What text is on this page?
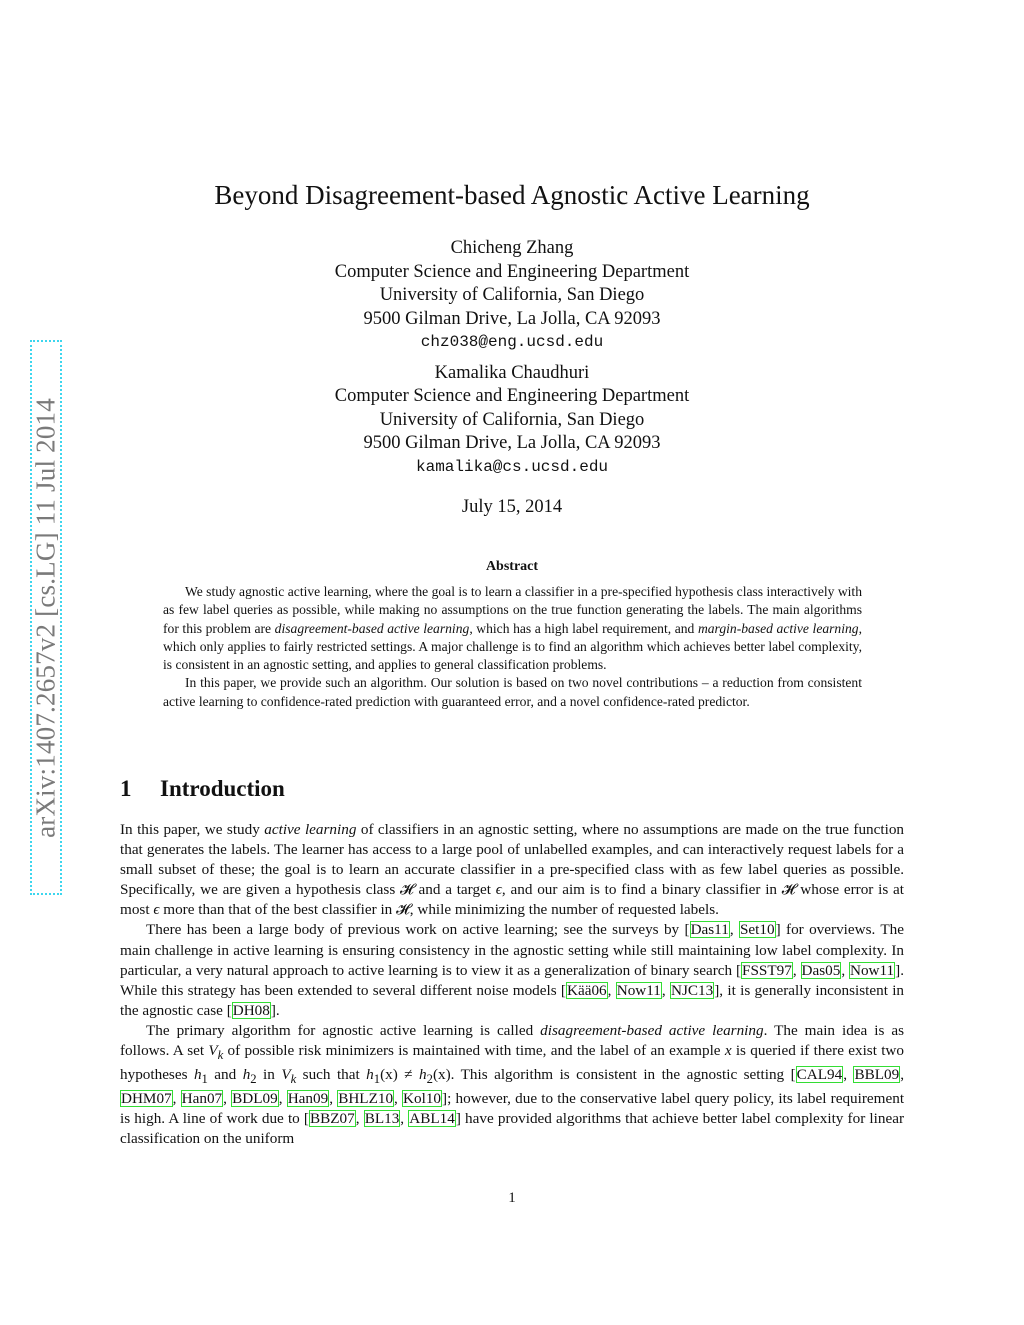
arXiv:1407.2657v2 [cs.LG] 11 Jul 2014
Beyond Disagreement-based Agnostic Active Learning
Chicheng Zhang
Computer Science and Engineering Department
University of California, San Diego
9500 Gilman Drive, La Jolla, CA 92093
chz038@eng.ucsd.edu
Kamalika Chaudhuri
Computer Science and Engineering Department
University of California, San Diego
9500 Gilman Drive, La Jolla, CA 92093
kamalika@cs.ucsd.edu
July 15, 2014
Abstract

We study agnostic active learning, where the goal is to learn a classifier in a pre-specified hypothesis class interactively with as few label queries as possible, while making no assumptions on the true function generating the labels. The main algorithms for this problem are disagreement-based active learning, which has a high label requirement, and margin-based active learning, which only applies to fairly restricted settings. A major challenge is to find an algorithm which achieves better label complexity, is consistent in an agnostic setting, and applies to general classification problems.

In this paper, we provide such an algorithm. Our solution is based on two novel contributions – a reduction from consistent active learning to confidence-rated prediction with guaranteed error, and a novel confidence-rated predictor.

1 Introduction

In this paper, we study active learning of classifiers in an agnostic setting, where no assumptions are made on the true function that generates the labels. The learner has access to a large pool of unlabelled examples, and can interactively request labels for a small subset of these; the goal is to learn an accurate classifier in a pre-specified class with as few label queries as possible. Specifically, we are given a hypothesis class 𝓗 and a target ϵ, and our aim is to find a binary classifier in 𝓗 whose error is at most ϵ more than that of the best classifier in 𝓗, while minimizing the number of requested labels.

There has been a large body of previous work on active learning; see the surveys by [Das11, Set10] for overviews. The main challenge in active learning is ensuring consistency in the agnostic setting while still maintaining low label complexity. In particular, a very natural approach to active learning is to view it as a generalization of binary search [FSST97, Das05, Now11]. While this strategy has been extended to several different noise models [Kää06, Now11, NJC13], it is generally inconsistent in the agnostic case [DH08].

The primary algorithm for agnostic active learning is called disagreement-based active learning. The main idea is as follows. A set $V_k$ of possible risk minimizers is maintained with time, and the label of an example x is queried if there exist two hypotheses $h_1$ and $h_2$ in $V_k$ such that $h_1(x) \ne h_2(x)$. This algorithm is consistent in the agnostic setting [CAL94, BBL09, DHM07, Han07, BDL09, Han09, BHLZ10, Kol10]; however, due to the conservative label query policy, its label requirement is high. A line of work due to [BBZ07, BL13, ABL14] have provided algorithms that achieve better label complexity for linear classification on the uniform

1
